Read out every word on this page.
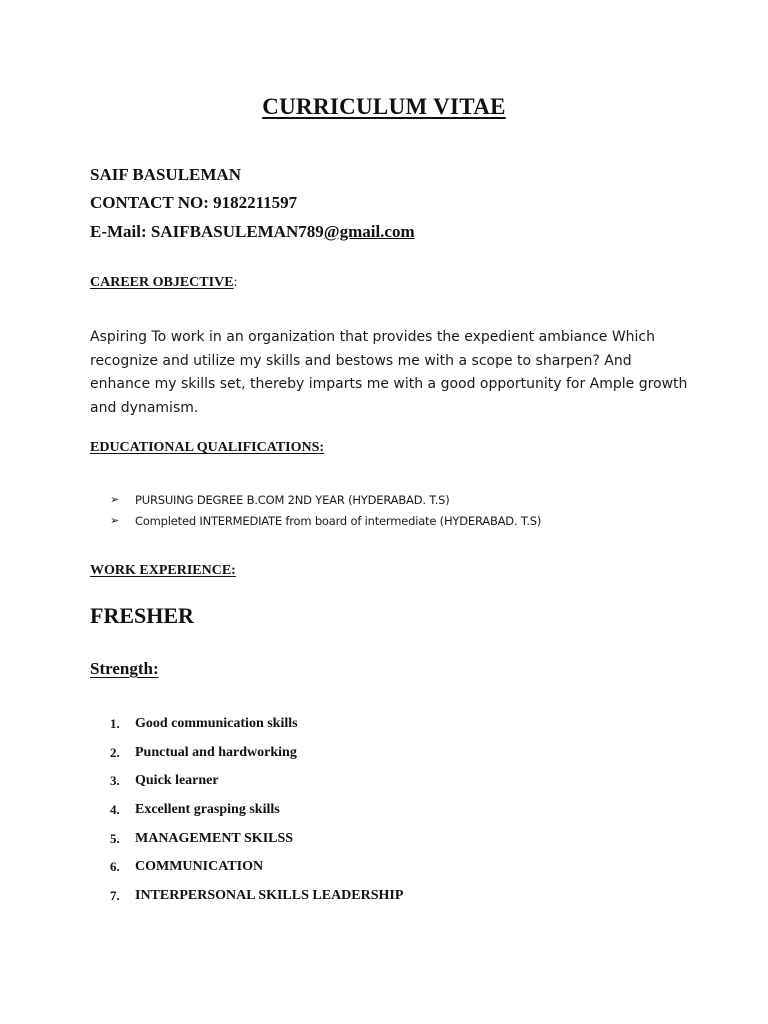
CURRICULUM VITAE
SAIF BASULEMAN
CONTACT NO: 9182211597
E-Mail: SAIFBASULEMAN789@gmail.com
CAREER OBJECTIVE:
Aspiring To work in an organization that provides the expedient ambiance Which recognize and utilize my skills and bestows me with a scope to sharpen? And enhance my skills set, thereby imparts me with a good opportunity for Ample growth and dynamism.
EDUCATIONAL QUALIFICATIONS:
➢ PURSUING DEGREE B.COM 2ND YEAR (HYDERABAD. T.S)
➢ Completed INTERMEDIATE from board of intermediate (HYDERABAD. T.S)
WORK EXPERIENCE:
FRESHER
Strength:
1. Good communication skills
2. Punctual and hardworking
3. Quick learner
4. Excellent grasping skills
5. MANAGEMENT SKILSS
6. COMMUNICATION
7. INTERPERSONAL SKILLS LEADERSHIP
